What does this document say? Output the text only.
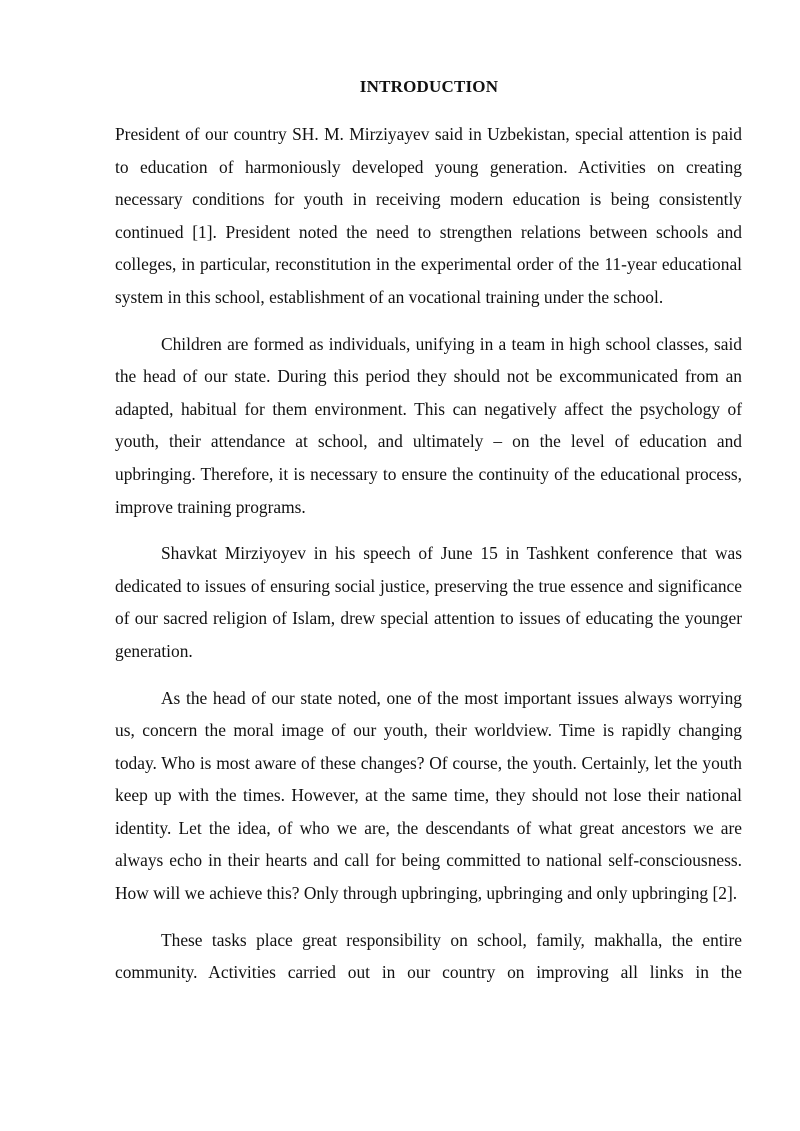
INTRODUCTION

President of our country SH. M. Mirziyayev said in Uzbekistan, special attention is paid to education of harmoniously developed young generation. Activities on creating necessary conditions for youth in receiving modern education is being consistently continued [1]. President noted the need to strengthen relations between schools and colleges, in particular, reconstitution in the experimental order of the 11-year educational system in this school, establishment of an vocational training under the school.

Children are formed as individuals, unifying in a team in high school classes, said the head of our state. During this period they should not be excommunicated from an adapted, habitual for them environment. This can negatively affect the psychology of youth, their attendance at school, and ultimately – on the level of education and upbringing. Therefore, it is necessary to ensure the continuity of the educational process, improve training programs.

Shavkat Mirziyoyev in his speech of June 15 in Tashkent conference that was dedicated to issues of ensuring social justice, preserving the true essence and significance of our sacred religion of Islam, drew special attention to issues of educating the younger generation.

As the head of our state noted, one of the most important issues always worrying us, concern the moral image of our youth, their worldview. Time is rapidly changing today. Who is most aware of these changes? Of course, the youth. Certainly, let the youth keep up with the times. However, at the same time, they should not lose their national identity. Let the idea, of who we are, the descendants of what great ancestors we are always echo in their hearts and call for being committed to national self-consciousness. How will we achieve this? Only through upbringing, upbringing and only upbringing [2].

These tasks place great responsibility on school, family, makhalla, the entire community. Activities carried out in our country on improving all links in the
